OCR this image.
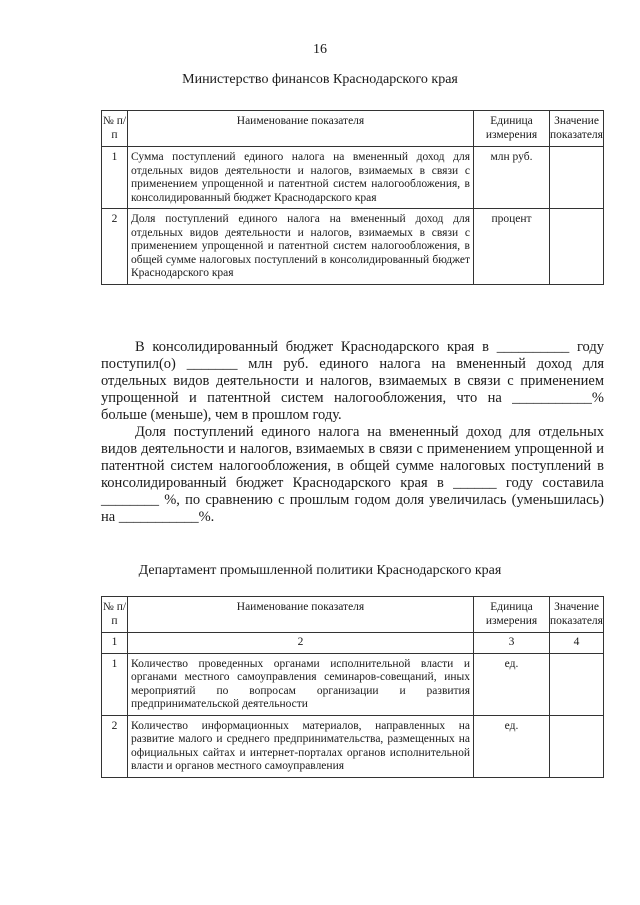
16
Министерство финансов Краснодарского края
№ п/п	Наименование показателя	Единица измерения	Значение показателя
1	Сумма поступлений единого налога на вмененный доход для отдельных видов деятельности и налогов, взимаемых в связи с применением упрощенной и патентной систем налогообложения, в консолидированный бюджет Краснодарского края	млн руб.	
2	Доля поступлений единого налога на вмененный доход для отдельных видов деятельности и налогов, взимаемых в связи с применением упрощенной и патентной систем налогообложения, в общей сумме налоговых поступлений в консолидированный бюджет Краснодарского края	процент	

В консолидированный бюджет Краснодарского края в __________ году поступил(о) _______ млн руб. единого налога на вмененный доход для отдельных видов деятельности и налогов, взимаемых в связи с применением упрощенной и патентной систем налогообложения, что на ___________% больше (меньше), чем в прошлом году.

Доля поступлений единого налога на вмененный доход для отдельных видов деятельности и налогов, взимаемых в связи с применением упрощенной и патентной систем налогообложения, в общей сумме налоговых поступлений в консолидированный бюджет Краснодарского края в ______ году составила ________ %, по сравнению с прошлым годом доля увеличилась (уменьшилась) на ___________%.

Департамент промышленной политики Краснодарского края
№ п/п	Наименование показателя	Единица измерения	Значение показателя
1	2	3	4
1	Количество проведенных органами исполнительной власти и органами местного самоуправления семинаров-совещаний, иных мероприятий по вопросам организации и развития предпринимательской деятельности	ед.	
2	Количество информационных материалов, направленных на развитие малого и среднего предпринимательства, размещенных на официальных сайтах и интернет-порталах органов исполнительной власти и органов местного самоуправления	ед.	
